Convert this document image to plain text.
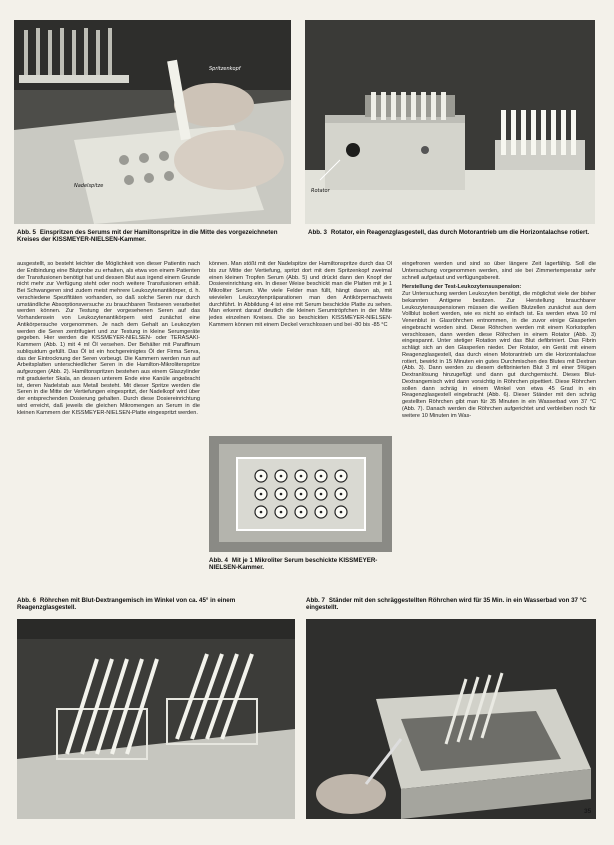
Spritzenkopf
Nadelspitze
Rotator
Abb. 5 Einspritzen des Serums mit der Hamiltonspritze in die Mitte des vorgezeichneten Kreises der KISSMEYER-NIELSEN-Kammer.
Abb. 3 Rotator, ein Reagenzglasgestell, das durch Motorantrieb um die Horizontalachse rotiert.

ausgestellt, so besteht leichter die Möglichkeit von dieser Patientin nach der Entbindung eine Blutprobe zu erhalten, als etwa von einem Patienten der Transfusionen benötigt hat und dessen Blut aus irgend einem Grunde nicht mehr zur Verfügung steht oder noch weitere Transfusionen erhält. Bei Schwangeren sind zudem meist mehrere Leukozytenantikörper, d. h. verschiedene Spezifitäten vorhanden, so daß solche Seren nur durch umständliche Absorptionsversuche zu brauchbaren Testseren verarbeitet werden können. Zur Testung der vorgesehenen Seren auf das Vorhandensein von Leukozytenantikörpern wird zunächst eine Antikörpersuche vorgenommen. Je nach dem Gehalt an Leukozyten werden die Seren zentrifugiert und zur Testung in kleine Serumgeräte gegeben. Hier werden die KISSMEYER-NIELSEN- oder TERASAKI-Kammern (Abb. 1) mit 4 ml Öl versehen. Der Behälter mit Paraffinum subliquidum gefüllt. Das Öl ist ein hochgereinigtes Öl der Firma Serva, das der Eintrocknung der Seren vorbeugt. Die Kammern werden nun auf Arbeitsplatten unterschiedlicher Seren in die Hamilton-Mikroliterspritze aufgezogen (Abb. 2). Hamiltonspritzen bestehen aus einem Glaszylinder mit graduierter Skala, an dessen unterem Ende eine Kanüle angebracht ist, deren Nadelstab aus Metall besteht. Mit dieser Spritze werden die Seren in die Mitte der Vertiefungen eingespritzt, der Nadelkopf wird über der entsprechenden Dosierung gehalten. Durch diese Dosiereinrichtung wird erreicht, daß jeweils die gleichen Mikromengen an Serum in die kleinen Kammern der KISSMEYER-NIELSEN-Platte eingespritzt werden.

können. Man stößt mit der Nadelspitze der Hamiltonspritze durch das Öl bis zur Mitte der Vertiefung, spritzt dort mit dem Spritzenkopf zweimal einen kleinen Tropfen Serum (Abb. 5) und drückt dann den Knopf der Dosiereinrichtung ein. In dieser Weise beschickt man die Platten mit je 1 Mikroliter Serum. Wie viele Felder man füllt, hängt davon ab, mit wievielen Leukozytenpräparationen man den Antikörpernachweis durchführt. In Abbildung 4 ist eine mit Serum beschickte Platte zu sehen. Man erkennt darauf deutlich die kleinen Serumtröpfchen in der Mitte jedes einzelnen Kreises. Die so beschickten KISSMEYER-NIELSEN-Kammern können mit einem Deckel verschlossen und bei -80 bis -85 °C

Abb. 4 Mit je 1 Mikroliter Serum beschickte KISSMEYER-NIELSEN-Kammer.

eingefroren werden und sind so über längere Zeit lagerfähig. Soll die Untersuchung vorgenommen werden, sind sie bei Zimmertemperatur sehr schnell aufgetaut und verfügungsbereit.

Herstellung der Test-Leukozytensuspension:

Zur Untersuchung werden Leukozyten benötigt, die möglichst viele der bisher bekannten Antigene besitzen. Zur Herstellung brauchbarer Leukozytensuspensionen müssen die weißen Blutzellen zunächst aus dem Vollblut isoliert werden, wie es nicht so einfach ist. Es werden etwa 10 ml Venenblut in Glasröhrchen entnommen, in die zuvor einige Glasperlen eingebracht worden sind. Diese Röhrchen werden mit einem Korkstopfen verschlossen, dann werden diese Röhrchen in einem Rotator (Abb. 3) eingespannt. Unter stetiger Rotation wird das Blut defibriniert. Das Fibrin schlägt sich an den Glasperlen nieder. Der Rotator, ein Gerät mit einem Reagenzglasgestell, das durch einen Motorantrieb um die Horizontalachse rotiert, bewirkt in 15 Minuten ein gutes Durchmischen des Blutes mit Dextran (Abb. 3). Dann werden zu diesem defibrinierten Blut 3 ml einer 5%igen Dextranlösung hinzugefügt und dann gut durchgemischt. Dieses Blut-Dextrangemisch wird dann vorsichtig in Röhrchen pipettiert. Diese Röhrchen sollen dann schräg in einem Winkel von etwa 45 Grad in ein Reagenzglasgestell eingebracht (Abb. 6). Dieser Ständer mit den schräg gestellten Röhrchen gibt man für 35 Minuten in ein Wasserbad von 37 °C (Abb. 7). Danach werden die Röhrchen aufgerichtet und verbleiben noch für weitere 10 Minuten im Was-

Abb. 6 Röhrchen mit Blut-Dextrangemisch im Winkel von ca. 45° in einem Reagenzglasgestell.
Abb. 7 Ständer mit den schräggestellten Röhrchen wird für 35 Min. in ein Wasserbad von 37 °C eingestellt.
35
